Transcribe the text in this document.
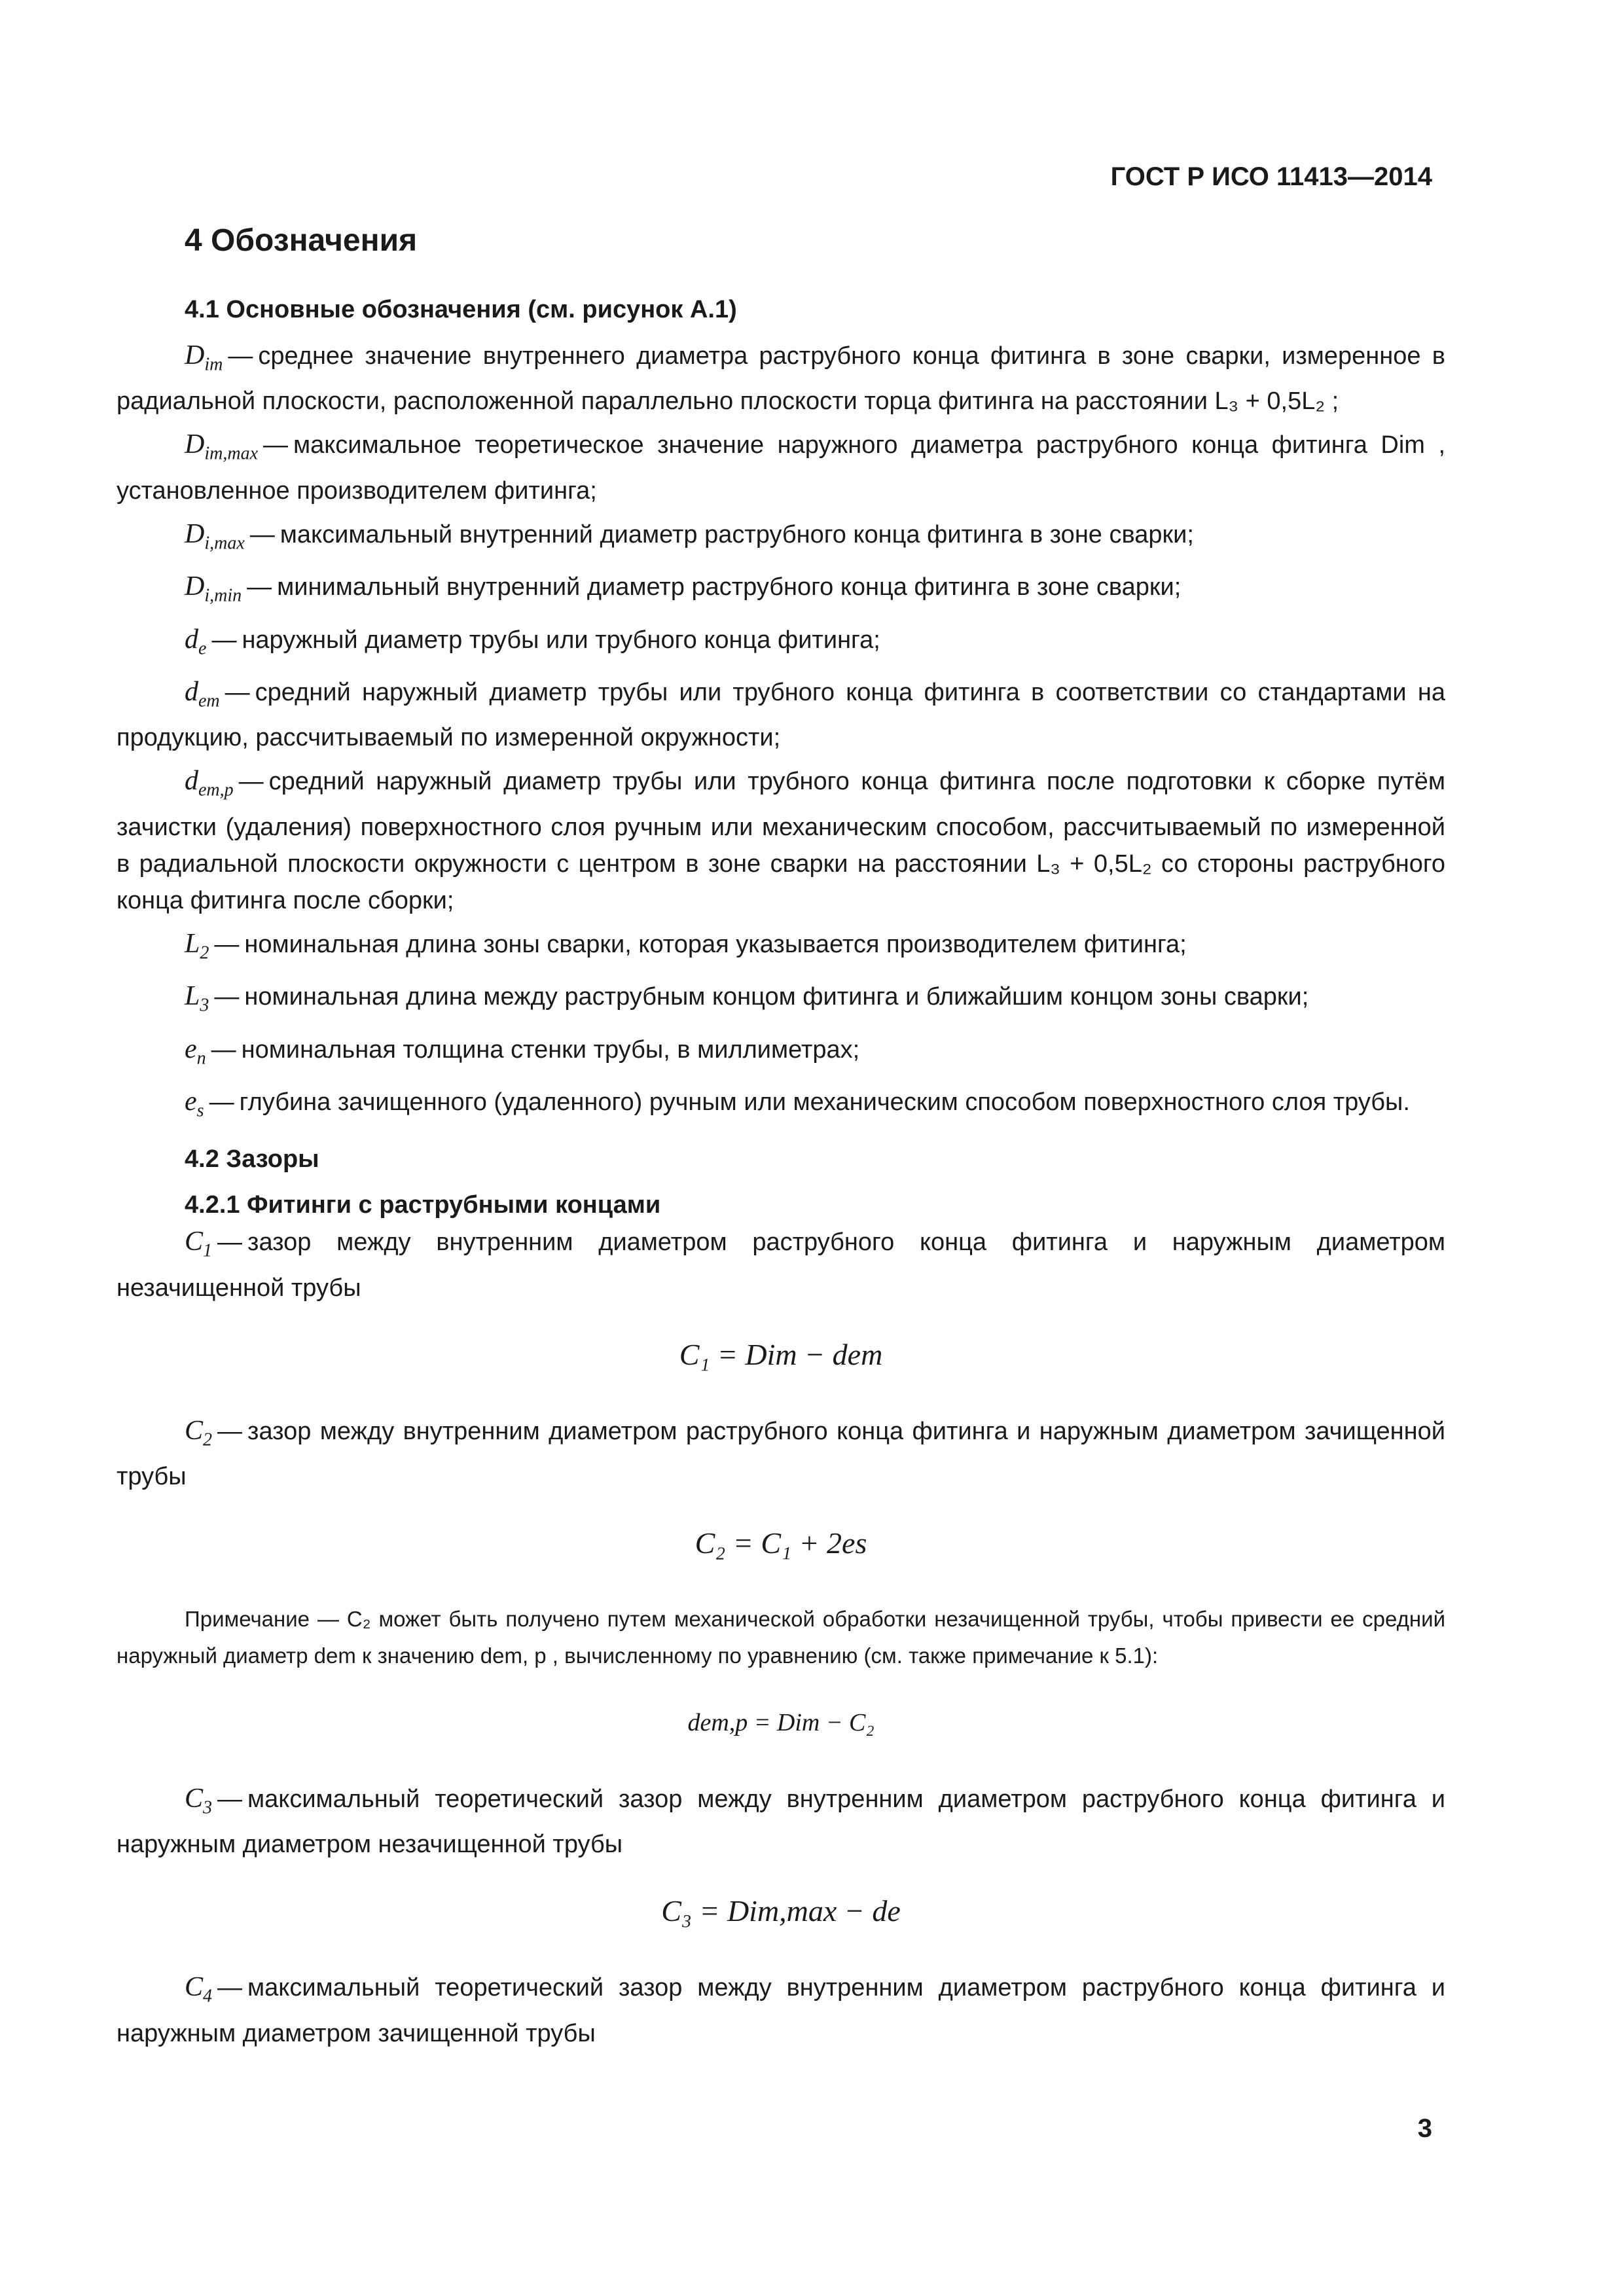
ГОСТ Р ИСО 11413—2014
4 Обозначения

4.1 Основные обозначения (см. рисунок А.1)

$D_{im}$ — среднее значение внутреннего диаметра раструбного конца фитинга в зоне сварки, измеренное в радиальной плоскости, расположенной параллельно плоскости торца фитинга на расстоянии L₃ + 0,5L₂ ;

$D_{im,max}$ — максимальное теоретическое значение наружного диаметра раструбного конца фитинга Dim , установленное производителем фитинга;

$D_{i,max}$ — максимальный внутренний диаметр раструбного конца фитинга в зоне сварки;

$D_{i,min}$ — минимальный внутренний диаметр раструбного конца фитинга в зоне сварки;

$d_e$ — наружный диаметр трубы или трубного конца фитинга;

$d_{em}$ — средний наружный диаметр трубы или трубного конца фитинга в соответствии со стандартами на продукцию, рассчитываемый по измеренной окружности;

$d_{em,p}$ — средний наружный диаметр трубы или трубного конца фитинга после подготовки к сборке путём зачистки (удаления) поверхностного слоя ручным или механическим способом, рассчитываемый по измеренной в радиальной плоскости окружности с центром в зоне сварки на расстоянии L₃ + 0,5L₂ со стороны раструбного конца фитинга после сборки;

$L_2$ — номинальная длина зоны сварки, которая указывается производителем фитинга;

$L_3$ — номинальная длина между раструбным концом фитинга и ближайшим концом зоны сварки;

$e_n$ — номинальная толщина стенки трубы, в миллиметрах;

$e_s$ — глубина зачищенного (удаленного) ручным или механическим способом поверхностного слоя трубы.

4.2 Зазоры

4.2.1 Фитинги с раструбными концами

$C_1$ — зазор между внутренним диаметром раструбного конца фитинга и наружным диаметром незачищенной трубы

C₁ = Dim − dem

$C_2$ — зазор между внутренним диаметром раструбного конца фитинга и наружным диаметром зачищенной трубы

C₂ = C₁ + 2es

Примечание — C₂ может быть получено путем механической обработки незачищенной трубы, чтобы привести ее средний наружный диаметр dem к значению dem, p , вычисленному по уравнению (см. также примечание к 5.1):

dem,p = Dim − C₂

$C_3$ — максимальный теоретический зазор между внутренним диаметром раструбного конца фитинга и наружным диаметром незачищенной трубы

C₃ = Dim,max − de

$C_4$ — максимальный теоретический зазор между внутренним диаметром раструбного конца фитинга и наружным диаметром зачищенной трубы

3
